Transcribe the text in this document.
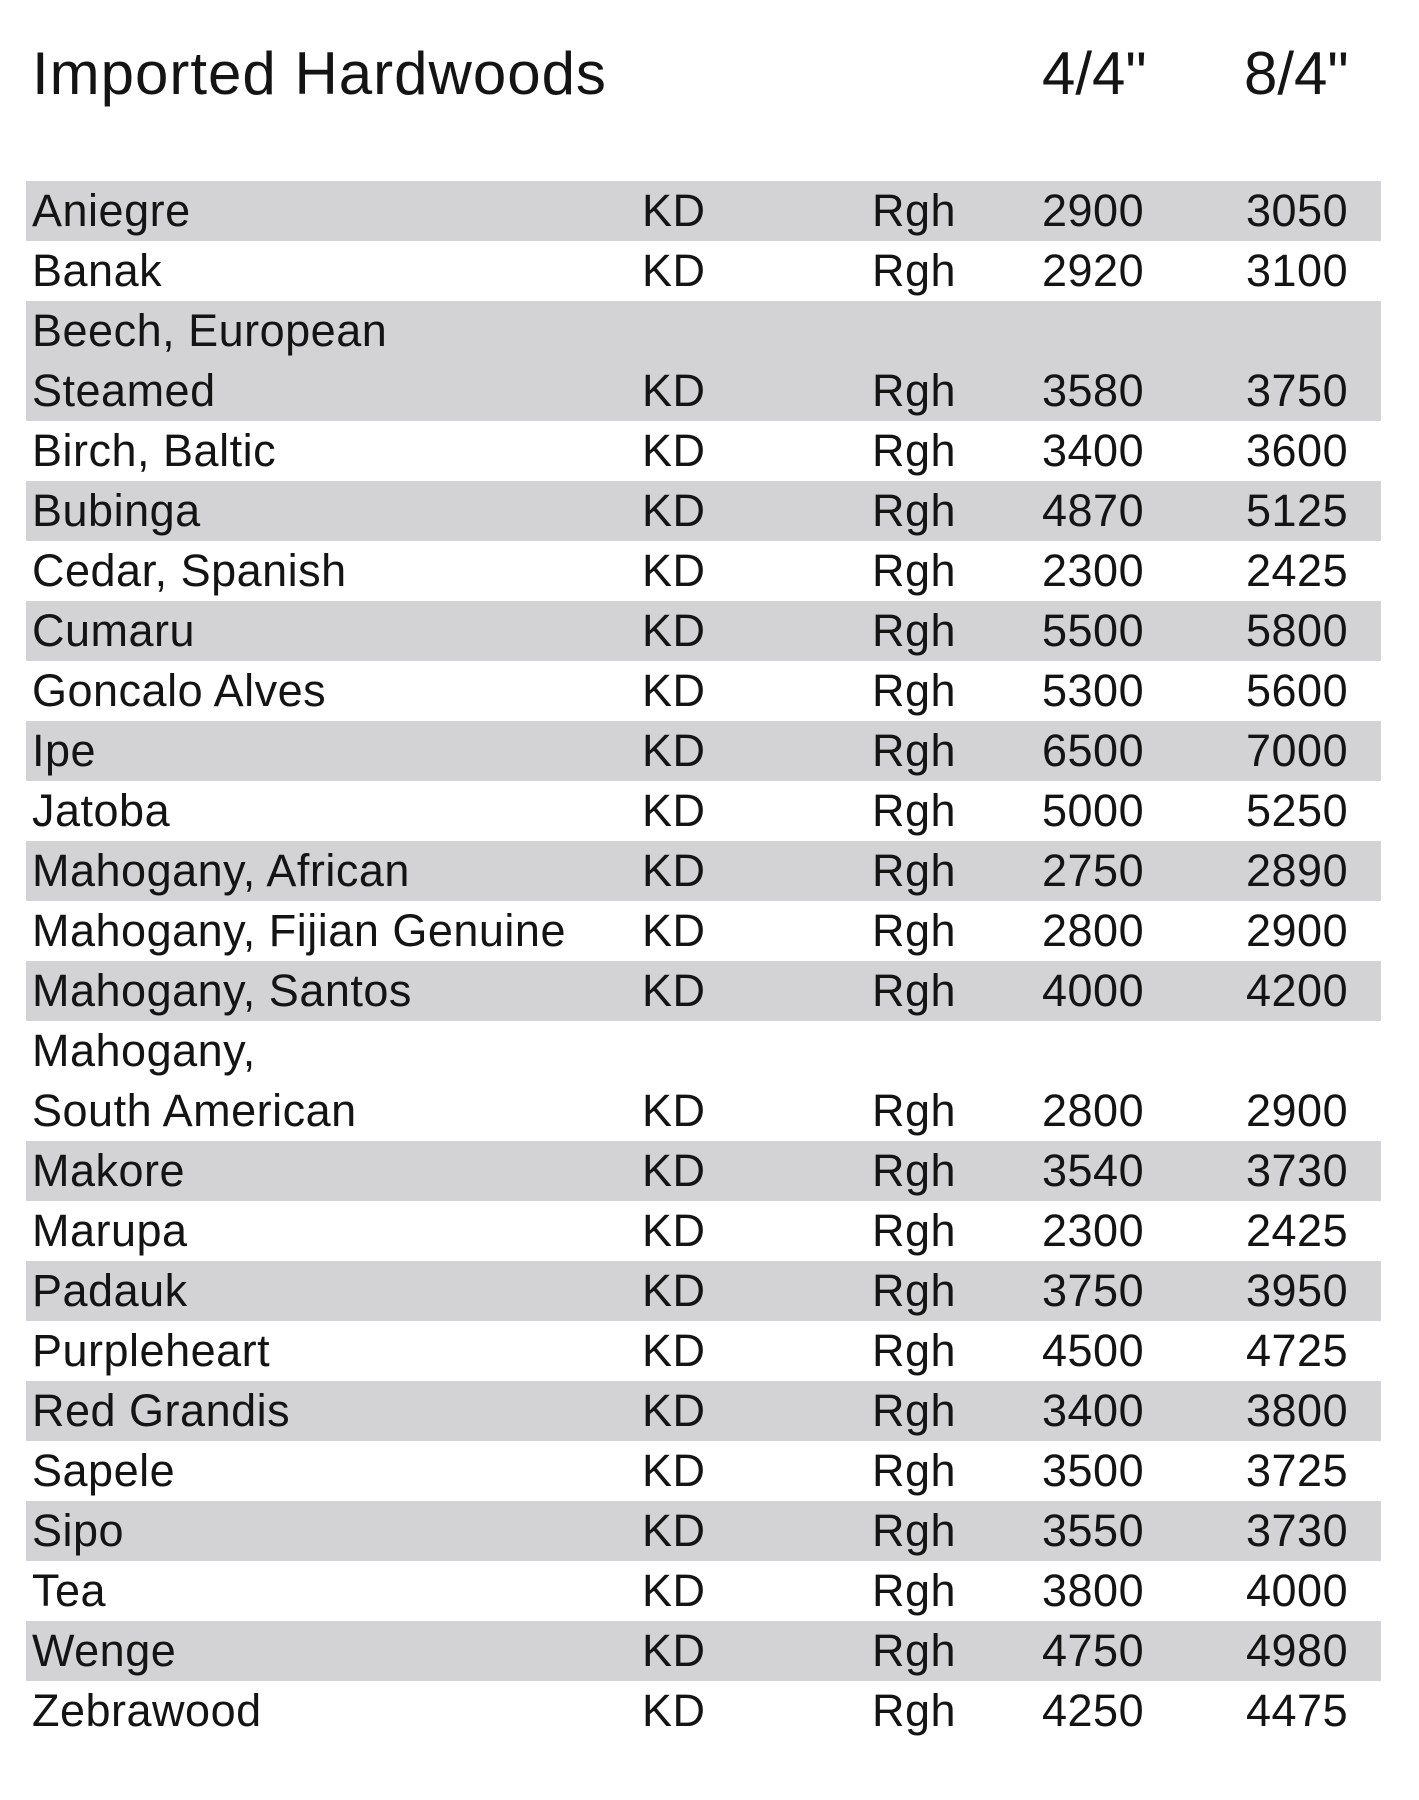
Imported Hardwoods	4/4" 8/4"
Aniegre	KD	Rgh 2900 3050
Banak	KD	Rgh 2920 3100
Beech, European
Steamed	KD	Rgh 3580 3750
Birch, Baltic	KD	Rgh 3400 3600
Bubinga	KD	Rgh 4870 5125
Cedar, Spanish	KD	Rgh 2300 2425
Cumaru	KD	Rgh 5500 5800
Goncalo Alves	KD	Rgh 5300 5600
Ipe	KD	Rgh 6500 7000
Jatoba	KD	Rgh 5000 5250
Mahogany, African	KD	Rgh 2750 2890
Mahogany, Fijian Genuine	KD	Rgh 2800 2900
Mahogany, Santos	KD	Rgh 4000 4200
Mahogany,
South American	KD	Rgh 2800 2900
Makore	KD	Rgh 3540 3730
Marupa	KD	Rgh 2300 2425
Padauk	KD	Rgh 3750 3950
Purpleheart	KD	Rgh 4500 4725
Red Grandis	KD	Rgh 3400 3800
Sapele	KD	Rgh 3500 3725
Sipo	KD	Rgh 3550 3730
Tea	KD	Rgh 3800 4000
Wenge	KD	Rgh 4750 4980
Zebrawood	KD	Rgh 4250 4475
